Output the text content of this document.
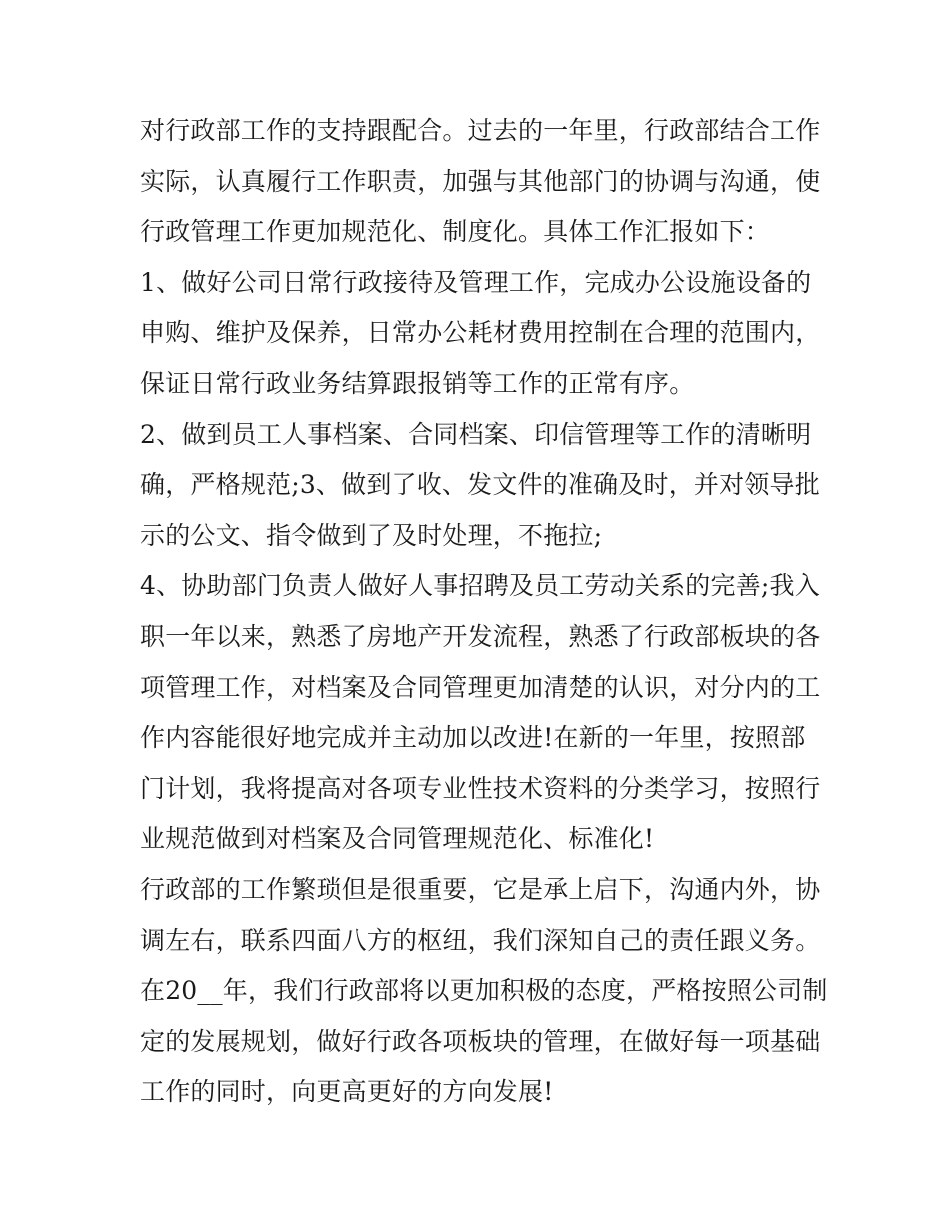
对行政部工作的支持跟配合。过去的一年里，行政部结合工作
实际，认真履行工作职责，加强与其他部门的协调与沟通，使
行政管理工作更加规范化、制度化。具体工作汇报如下：
1、做好公司日常行政接待及管理工作，完成办公设施设备的
申购、维护及保养，日常办公耗材费用控制在合理的范围内，
保证日常行政业务结算跟报销等工作的正常有序。
2、做到员工人事档案、合同档案、印信管理等工作的清晰明
确，严格规范;3、做到了收、发文件的准确及时，并对领导批
示的公文、指令做到了及时处理，不拖拉;
4、协助部门负责人做好人事招聘及员工劳动关系的完善;我入
职一年以来，熟悉了房地产开发流程，熟悉了行政部板块的各
项管理工作，对档案及合同管理更加清楚的认识，对分内的工
作内容能很好地完成并主动加以改进!在新的一年里，按照部
门计划，我将提高对各项专业性技术资料的分类学习，按照行
业规范做到对档案及合同管理规范化、标准化!
行政部的工作繁琐但是很重要，它是承上启下，沟通内外，协
调左右，联系四面八方的枢纽，我们深知自己的责任跟义务。
在20__年，我们行政部将以更加积极的态度，严格按照公司制
定的发展规划，做好行政各项板块的管理，在做好每一项基础
工作的同时，向更高更好的方向发展!
